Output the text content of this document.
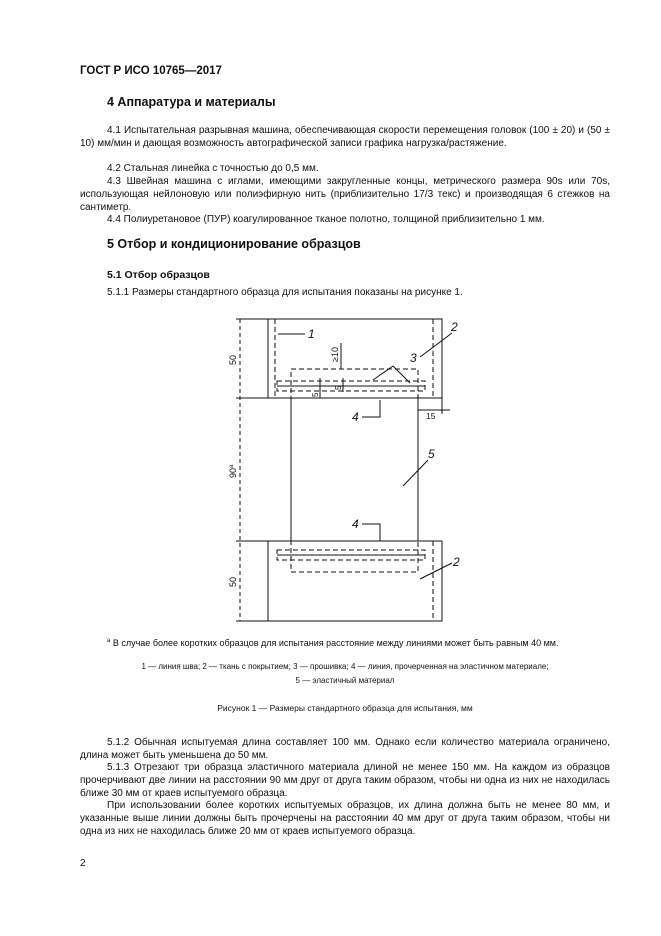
ГОСТ Р ИСО 10765—2017
4 Аппаратура и материалы
4.1 Испытательная разрывная машина, обеспечивающая скорости перемещения головок (100 ± 20) и (50 ± 10) мм/мин и дающая возможность автографической записи графика нагрузка/растяжение.
4.2 Стальная линейка с точностью до 0,5 мм.
4.3 Швейная машина с иглами, имеющими закругленные концы, метрического размера 90s или 70s, использующая нейлоновую или полиэфирную нить (приблизительно 17/3 текс) и производящая 6 стежков на сантиметр.
4.4 Полиуретановое (ПУР) коагулированное тканое полотно, толщиной приблизительно 1 мм.
5 Отбор и кондиционирование образцов
5.1 Отбор образцов
5.1.1 Размеры стандартного образца для испытания показаны на рисунке 1.
50
90$^a$
50
≥10
5
5
15
1	2
3
4
5
4
2
$^a$ В случае более коротких образцов для испытания расстояние между линиями может быть равным 40 мм.
1 — линия шва; 2 — ткань с покрытием; 3 — прошивка; 4 — линия, прочерченная на эластичном материале;
5 — эластичный материал
Рисунок 1 — Размеры стандартного образца для испытания, мм
5.1.2 Обычная испытуемая длина составляет 100 мм. Однако если количество материала ограничено, длина может быть уменьшена до 50 мм.
5.1.3 Отрезают три образца эластичного материала длиной не менее 150 мм. На каждом из образцов прочерчивают две линии на расстоянии 90 мм друг от друга таким образом, чтобы ни одна из них не находилась ближе 30 мм от краев испытуемого образца.
При использовании более коротких испытуемых образцов, их длина должна быть не менее 80 мм, и указанные выше линии должны быть прочерчены на расстоянии 40 мм друг от друга таким образом, чтобы ни одна из них не находилась ближе 20 мм от краев испытуемого образца.
2
